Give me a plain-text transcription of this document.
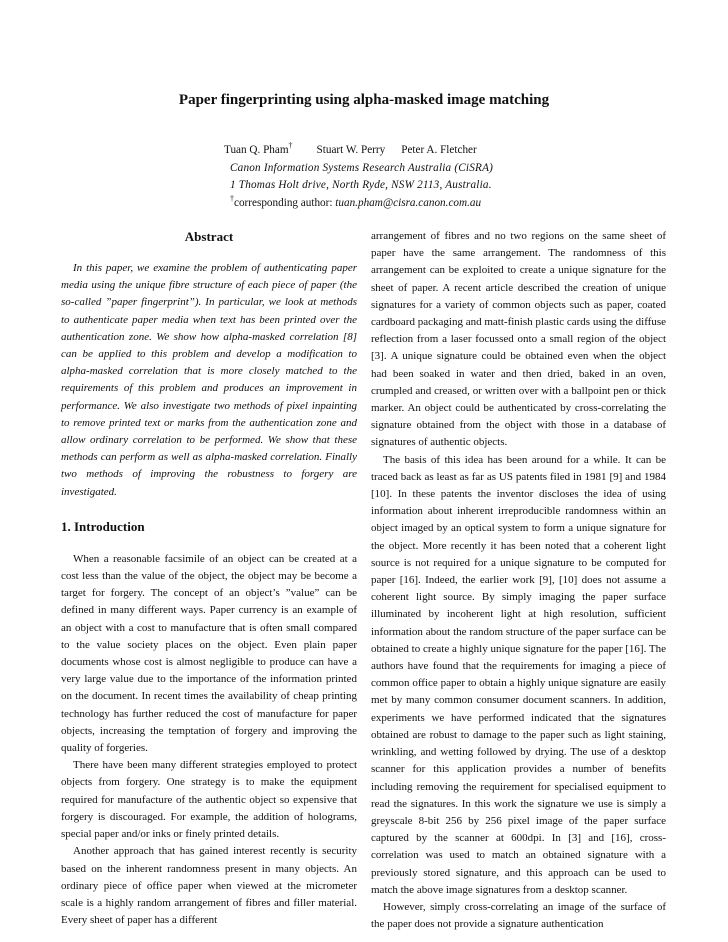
Paper fingerprinting using alpha-masked image matching
Tuan Q. Pham† Stuart W. Perry Peter A. Fletcher
Canon Information Systems Research Australia (CiSRA)
1 Thomas Holt drive, North Ryde, NSW 2113, Australia.
†corresponding author: tuan.pham@cisra.canon.com.au
Abstract

In this paper, we examine the problem of authenticating paper media using the unique fibre structure of each piece of paper (the so-called ”paper fingerprint”). In particular, we look at methods to authenticate paper media when text has been printed over the authentication zone. We show how alpha-masked correlation [8] can be applied to this problem and develop a modification to alpha-masked correlation that is more closely matched to the requirements of this problem and produces an improvement in performance. We also investigate two methods of pixel inpainting to remove printed text or marks from the authentication zone and allow ordinary correlation to be performed. We show that these methods can perform as well as alpha-masked correlation. Finally two methods of improving the robustness to forgery are investigated.

1. Introduction

When a reasonable facsimile of an object can be created at a cost less than the value of the object, the object may be become a target for forgery. The concept of an object’s ”value” can be defined in many different ways. Paper currency is an example of an object with a cost to manufacture that is often small compared to the value society places on the object. Even plain paper documents whose cost is almost negligible to produce can have a very large value due to the importance of the information printed on the document. In recent times the availability of cheap printing technology has further reduced the cost of manufacture for paper objects, increasing the temptation of forgery and improving the quality of forgeries.

There have been many different strategies employed to protect objects from forgery. One strategy is to make the equipment required for manufacture of the authentic object so expensive that forgery is discouraged. For example, the addition of holograms, special paper and/or inks or finely printed details.

Another approach that has gained interest recently is security based on the inherent randomness present in many objects. An ordinary piece of office paper when viewed at the micrometer scale is a highly random arrangement of fibres and filler material. Every sheet of paper has a different

arrangement of fibres and no two regions on the same sheet of paper have the same arrangement. The randomness of this arrangement can be exploited to create a unique signature for the sheet of paper. A recent article described the creation of unique signatures for a variety of common objects such as paper, coated cardboard packaging and matt-finish plastic cards using the diffuse reflection from a laser focussed onto a small region of the object [3]. A unique signature could be obtained even when the object had been soaked in water and then dried, baked in an oven, crumpled and creased, or written over with a ballpoint pen or thick marker. An object could be authenticated by cross-correlating the signature obtained from the object with those in a database of signatures of authentic objects.

The basis of this idea has been around for a while. It can be traced back as least as far as US patents filed in 1981 [9] and 1984 [10]. In these patents the inventor discloses the idea of using information about inherent irreproducible randomness within an object imaged by an optical system to form a unique signature for the object. More recently it has been noted that a coherent light source is not required for a unique signature to be computed for paper [16]. Indeed, the earlier work [9], [10] does not assume a coherent light source. By simply imaging the paper surface illuminated by incoherent light at high resolution, sufficient information about the random structure of the paper surface can be obtained to create a highly unique signature for the paper [16]. The authors have found that the requirements for imaging a piece of common office paper to obtain a highly unique signature are easily met by many common consumer document scanners. In addition, experiments we have performed indicated that the signatures obtained are robust to damage to the paper such as light staining, wrinkling, and wetting followed by drying. The use of a desktop scanner for this application provides a number of benefits including removing the requirement for specialised equipment to read the signatures. In this work the signature we use is simply a greyscale 8-bit 256 by 256 pixel image of the paper surface captured by the scanner at 600dpi. In [3] and [16], cross-correlation was used to match an obtained signature with a previously stored signature, and this approach can be used to match the above image signatures from a desktop scanner.

However, simply cross-correlating an image of the surface of the paper does not provide a signature authentication
